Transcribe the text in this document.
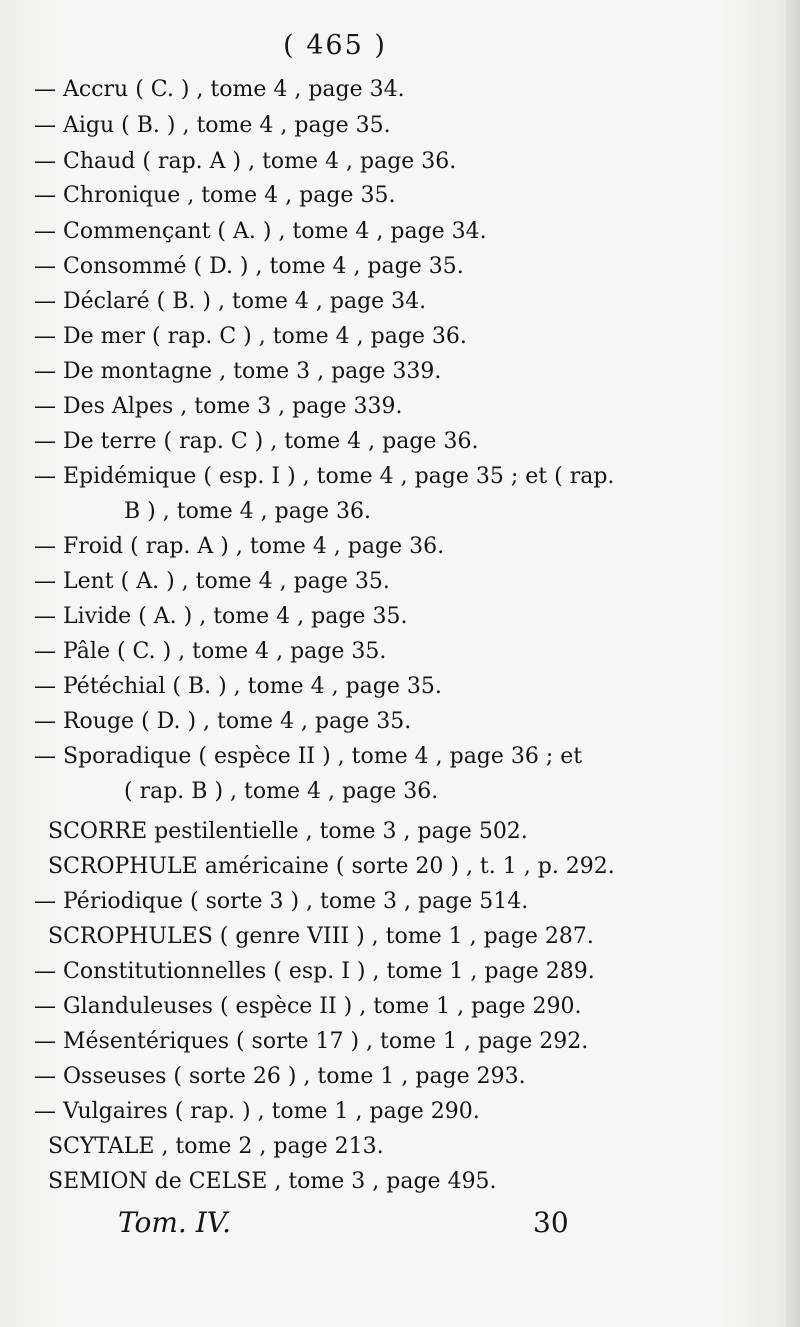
( 465 )
— Accru ( C. ) , tome 4 , page 34.
— Aigu ( B. ) , tome 4 , page 35.
— Chaud ( rap. A ) , tome 4 , page 36.
— Chronique , tome 4 , page 35.
— Commençant ( A. ) , tome 4 , page 34.
— Consommé ( D. ) , tome 4 , page 35.
— Déclaré ( B. ) , tome 4 , page 34.
— De mer ( rap. C ) , tome 4 , page 36.
— De montagne , tome 3 , page 339.
— Des Alpes , tome 3 , page 339.
— De terre ( rap. C ) , tome 4 , page 36.
— Epidémique ( esp. I ) , tome 4 , page 35 ; et ( rap.
B ) , tome 4 , page 36.
— Froid ( rap. A ) , tome 4 , page 36.
— Lent ( A. ) , tome 4 , page 35.
— Livide ( A. ) , tome 4 , page 35.
— Pâle ( C. ) , tome 4 , page 35.
— Pétéchial ( B. ) , tome 4 , page 35.
— Rouge ( D. ) , tome 4 , page 35.
— Sporadique ( espèce II ) , tome 4 , page 36 ; et
( rap. B ) , tome 4 , page 36.
SCORRE pestilentielle , tome 3 , page 502.
SCROPHULE américaine ( sorte 20 ) , t. 1 , p. 292.
— Périodique ( sorte 3 ) , tome 3 , page 514.
SCROPHULES ( genre VIII ) , tome 1 , page 287.
— Constitutionnelles ( esp. I ) , tome 1 , page 289.
— Glanduleuses ( espèce II ) , tome 1 , page 290.
— Mésentériques ( sorte 17 ) , tome 1 , page 292.
— Osseuses ( sorte 26 ) , tome 1 , page 293.
— Vulgaires ( rap. ) , tome 1 , page 290.
SCYTALE , tome 2 , page 213.
SEMION de CELSE , tome 3 , page 495.
Tom. IV.	30
